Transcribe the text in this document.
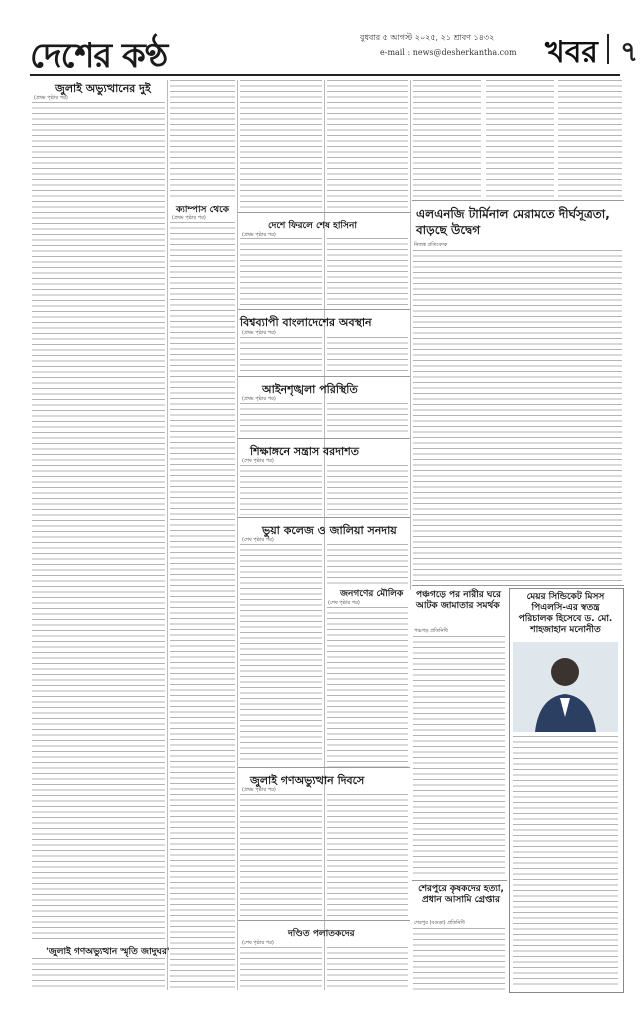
দেশের কণ্ঠ	বুধবার ৫ আগস্ট ২০২৫, ২১ শ্রাবণ ১৪৩২
e-mail : news@desherkantha.com খবর ৭
জুলাই অভ্যুত্থানের দুই
(প্রথম পৃষ্ঠার পর)
'জুলাই গণঅভ্যুত্থান স্মৃতি জাদুঘর'
ক্যাম্পাস থেকে
(প্রথম পৃষ্ঠার পর)
দেশে ফিরলে শেষ হাসিনা
(প্রথম পৃষ্ঠার পর)
বিশ্বব্যাপী বাংলাদেশের অবস্থান
(প্রথম পৃষ্ঠার পর)
আইনশৃঙ্খলা পরিস্থিতি
(প্রথম পৃষ্ঠার পর)
শিক্ষাঙ্গনে সন্ত্রাস বরদাশত
(শেষ পৃষ্ঠার পর)
ভুয়া কলেজ ও জালিয়া সনদায়
(শেষ পৃষ্ঠার পর)
জনগণের মৌলিক
(শেষ পৃষ্ঠার পর)
জুলাই গণঅভ্যুত্থান দিবসে
(প্রথম পৃষ্ঠার পর)
দণ্ডিত পলাতকদের
(শেষ পৃষ্ঠার পর)
এলএনজি টার্মিনাল মেরামতে দীর্ঘসূত্রতা, বাড়ছে উদ্বেগ
নিজস্ব প্রতিবেদক
পঞ্চগড়ে পর নারীর ঘরে আটক জামাতার সমর্থক
পঞ্চগড় প্রতিনিধি
মেয়র সিন্ডিকেট মিসস পিএলসি-এর স্বতন্ত্র পরিচালক হিসেবে ড. মো. শাহজাহান মনোনীত
শেরপুরে কৃষকদের হত্যা, প্রধান আসামি গ্রেপ্তার
শেরপুর (বগুড়া) প্রতিনিধি
